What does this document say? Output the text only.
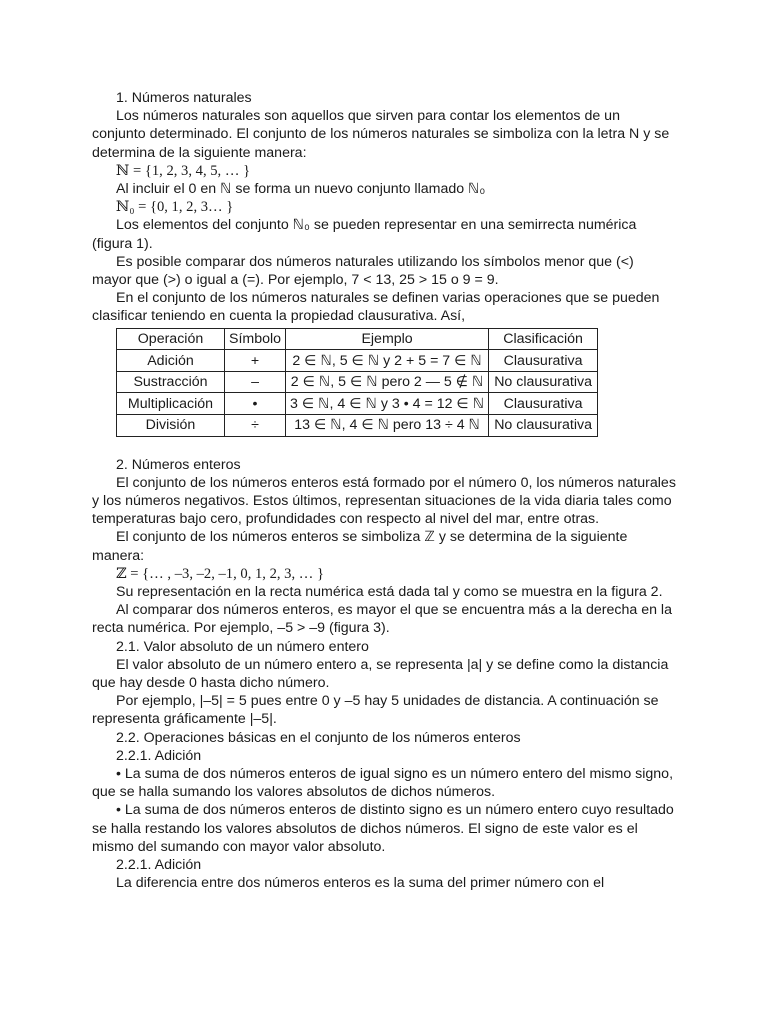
1. Números naturales

Los números naturales son aquellos que sirven para contar los elementos de un conjunto determinado. El conjunto de los números naturales se simboliza con la letra N y se determina de la siguiente manera:

ℕ = {1, 2, 3, 4, 5, … }

Al incluir el 0 en ℕ se forma un nuevo conjunto llamado ℕ₀

ℕ₀ = {0, 1, 2, 3… }

Los elementos del conjunto ℕ₀ se pueden representar en una semirrecta numérica (figura 1).

Es posible comparar dos números naturales utilizando los símbolos menor que (<) mayor que (>) o igual a (=). Por ejemplo, 7 < 13, 25 > 15 o 9 = 9.

En el conjunto de los números naturales se definen varias operaciones que se pueden clasificar teniendo en cuenta la propiedad clausurativa. Así,

Operación	Símbolo	Ejemplo	Clasificación
Adición	+	2 ∈ ℕ, 5 ∈ ℕ y 2 + 5 = 7 ∈ ℕ	Clausurativa
Sustracción	–	2 ∈ ℕ, 5 ∈ ℕ pero 2 — 5 ∉ ℕ	No clausurativa
Multiplicación	•	3 ∈ ℕ, 4 ∈ ℕ y 3 • 4 = 12 ∈ ℕ	Clausurativa
División	÷	13 ∈ ℕ, 4 ∈ ℕ pero 13 ÷ 4 ℕ	No clausurativa

2. Números enteros

El conjunto de los números enteros está formado por el número 0, los números naturales y los números negativos. Estos últimos, representan situaciones de la vida diaria tales como temperaturas bajo cero, profundidades con respecto al nivel del mar, entre otras.

El conjunto de los números enteros se simboliza ℤ y se determina de la siguiente manera:

ℤ = {… , –3, –2, –1, 0, 1, 2, 3, … }

Su representación en la recta numérica está dada tal y como se muestra en la figura 2.

Al comparar dos números enteros, es mayor el que se encuentra más a la derecha en la recta numérica. Por ejemplo, –5 > –9 (figura 3).

2.1. Valor absoluto de un número entero

El valor absoluto de un número entero a, se representa |a| y se define como la distancia que hay desde 0 hasta dicho número.

Por ejemplo, |–5| = 5 pues entre 0 y –5 hay 5 unidades de distancia. A continuación se representa gráficamente |–5|.

2.2. Operaciones básicas en el conjunto de los números enteros

2.2.1. Adición

• La suma de dos números enteros de igual signo es un número entero del mismo signo, que se halla sumando los valores absolutos de dichos números.

• La suma de dos números enteros de distinto signo es un número entero cuyo resultado se halla restando los valores absolutos de dichos números. El signo de este valor es el mismo del sumando con mayor valor absoluto.

2.2.1. Adición

La diferencia entre dos números enteros es la suma del primer número con el
